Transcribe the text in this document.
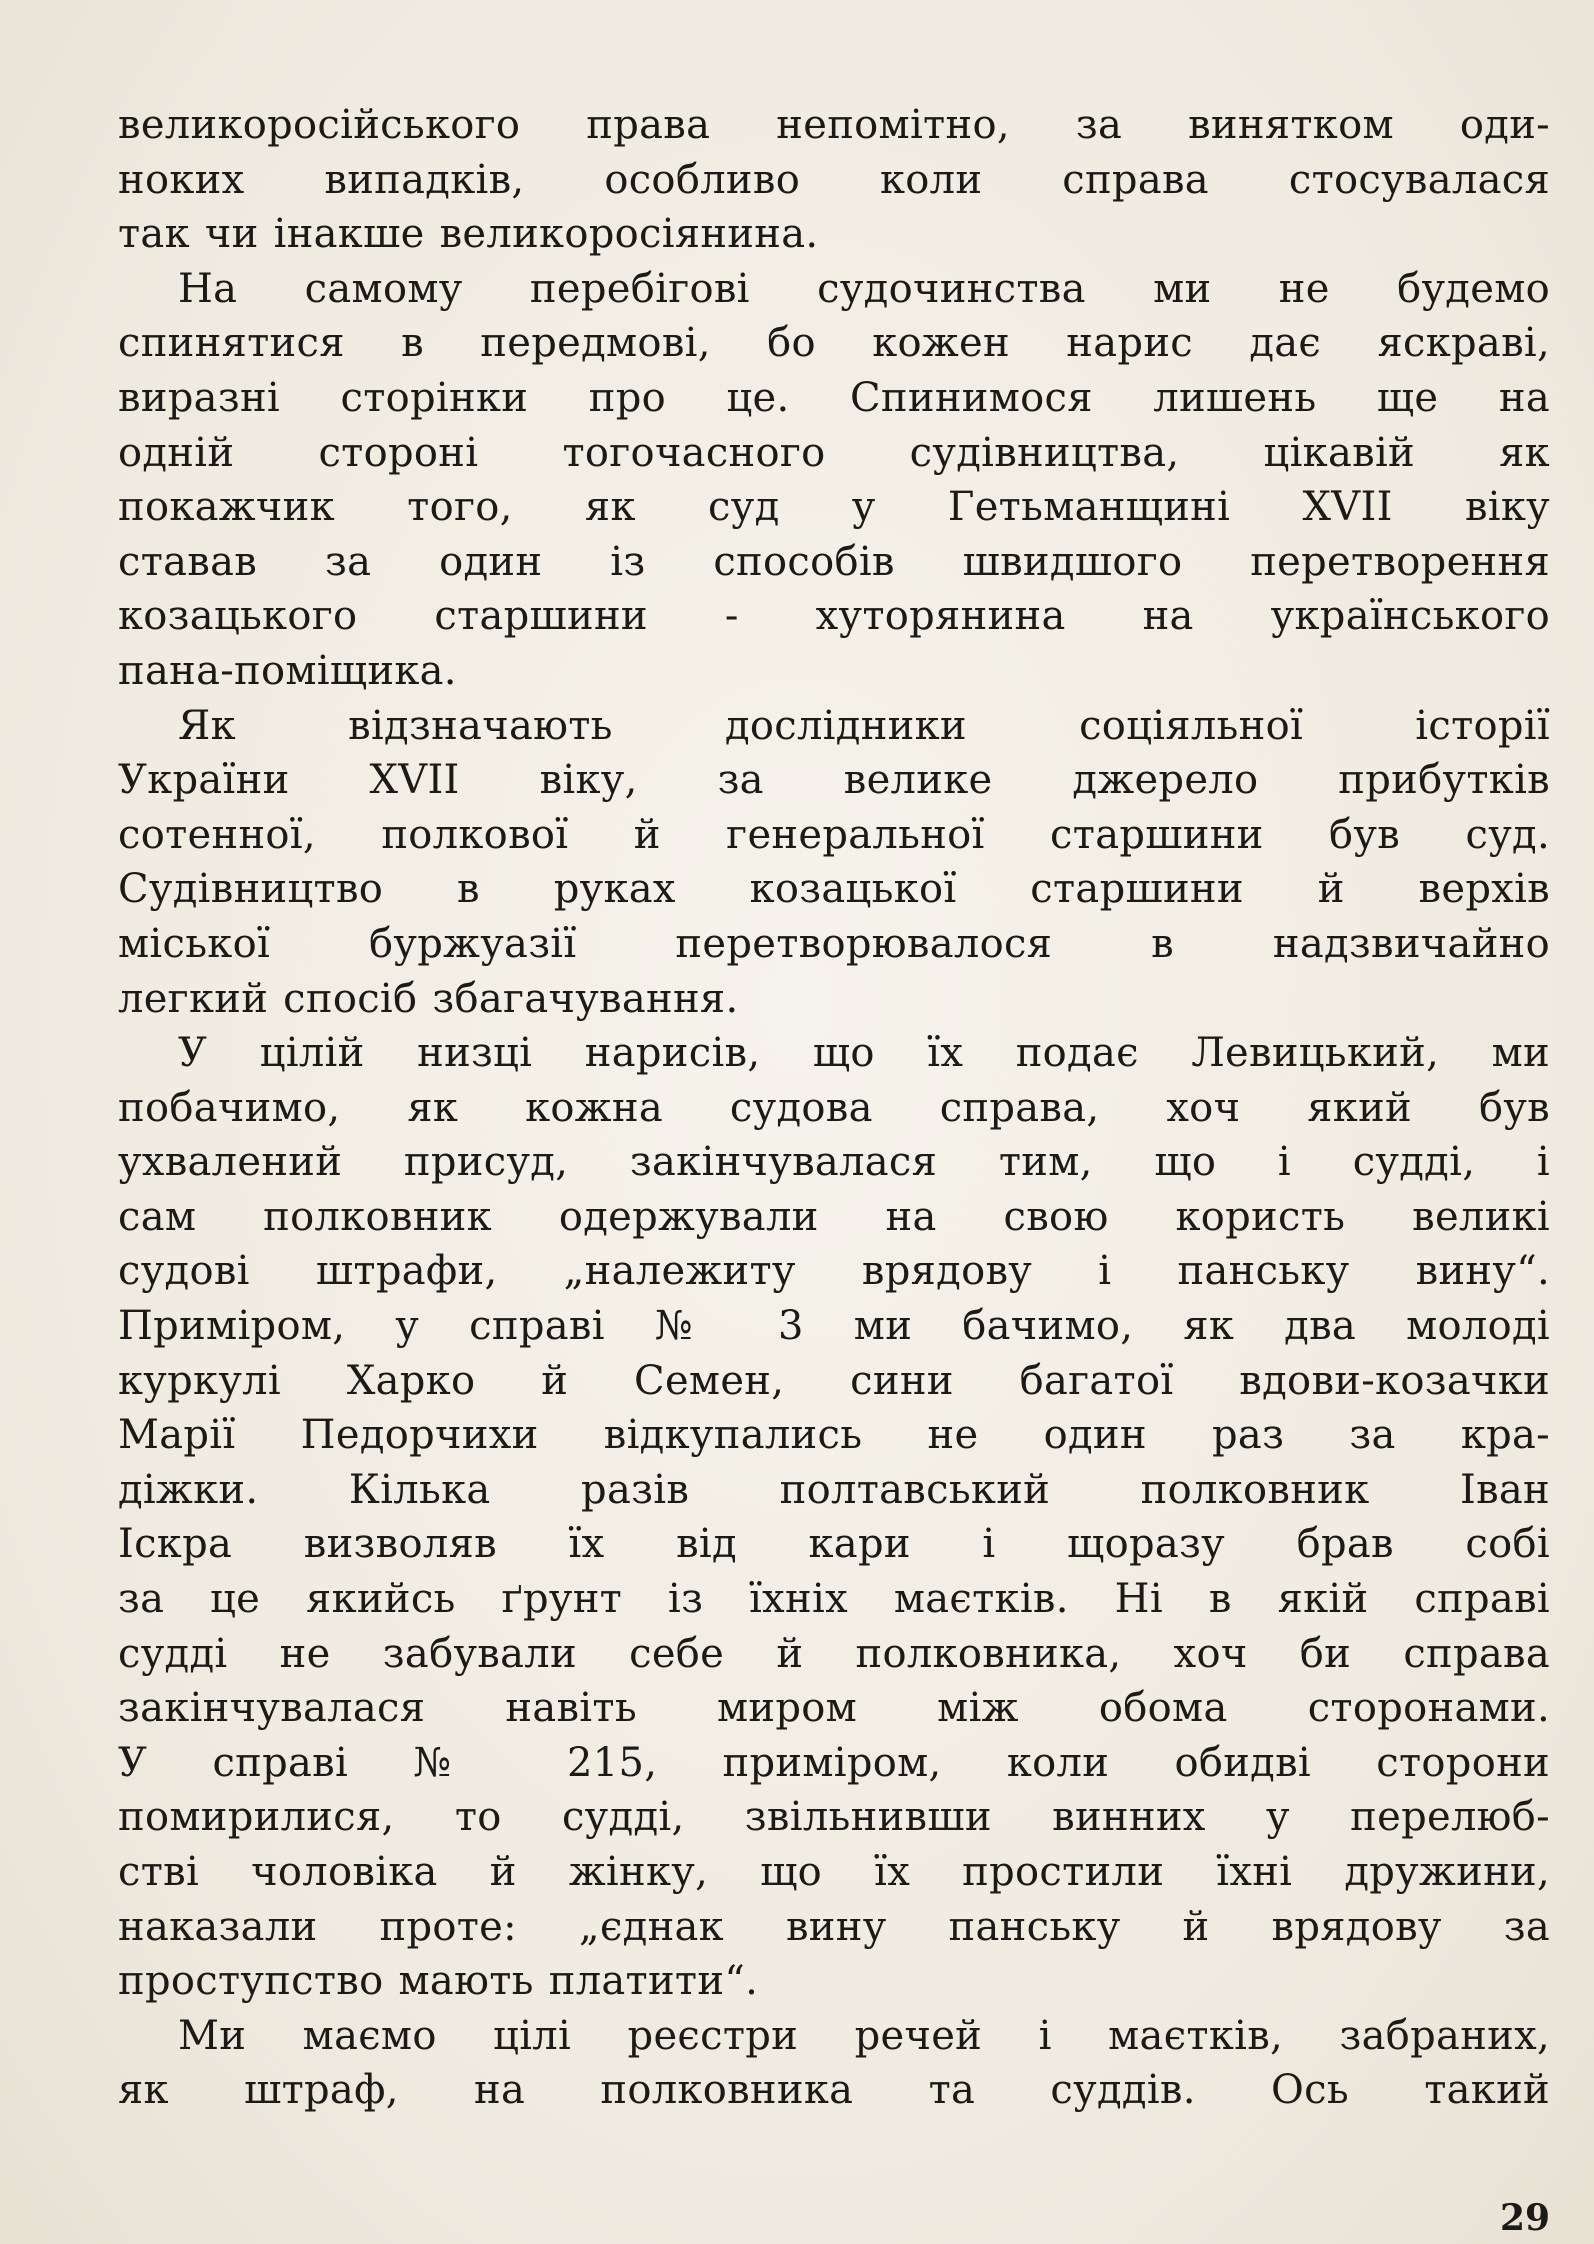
великоросійського права непомітно, за винятком оди-
ноких випадків, особливо коли справа стосувалася
так чи інакше великоросіянина.
На самому перебігові судочинства ми не будемо
спинятися в передмові, бо кожен нарис дає яскраві,
виразні сторінки про це. Спинимося лишень ще на
одній стороні тогочасного судівництва, цікавій як
покажчик того, як суд у Гетьманщині XVII віку
ставав за один із способів швидшого перетворення
козацького старшини - хуторянина на українського
пана-поміщика.
Як відзначають дослідники соціяльної історії
України XVII віку, за велике джерело прибутків
сотенної, полкової й генеральної старшини був суд.
Судівництво в руках козацької старшини й верхів
міської буржуазії перетворювалося в надзвичайно
легкий спосіб збагачування.
У цілій низці нарисів, що їх подає Левицький, ми
побачимо, як кожна судова справа, хоч який був
ухвалений присуд, закінчувалася тим, що і судді, і
сам полковник одержували на свою користь великі
судові штрафи, „належиту врядову і панську вину“.
Приміром, у справі № 3 ми бачимо, як два молоді
куркулі Харко й Семен, сини багатої вдови-козачки
Марії Педорчихи відкупались не один раз за кра-
діжки. Кілька разів полтавський полковник Іван
Іскра визволяв їх від кари і щоразу брав собі
за це якийсь ґрунт із їхніх маєтків. Ні в якій справі
судді не забували себе й полковника, хоч би справа
закінчувалася навіть миром між обома сторонами.
У справі № 215, приміром, коли обидві сторони
помирилися, то судді, звільнивши винних у перелюб-
стві чоловіка й жінку, що їх простили їхні дружини,
наказали проте: „єднак вину панську й врядову за
проступство мають платити“.
Ми маємо цілі реєстри речей і маєтків, забраних,
як штраф, на полковника та суддів. Ось такий
29
